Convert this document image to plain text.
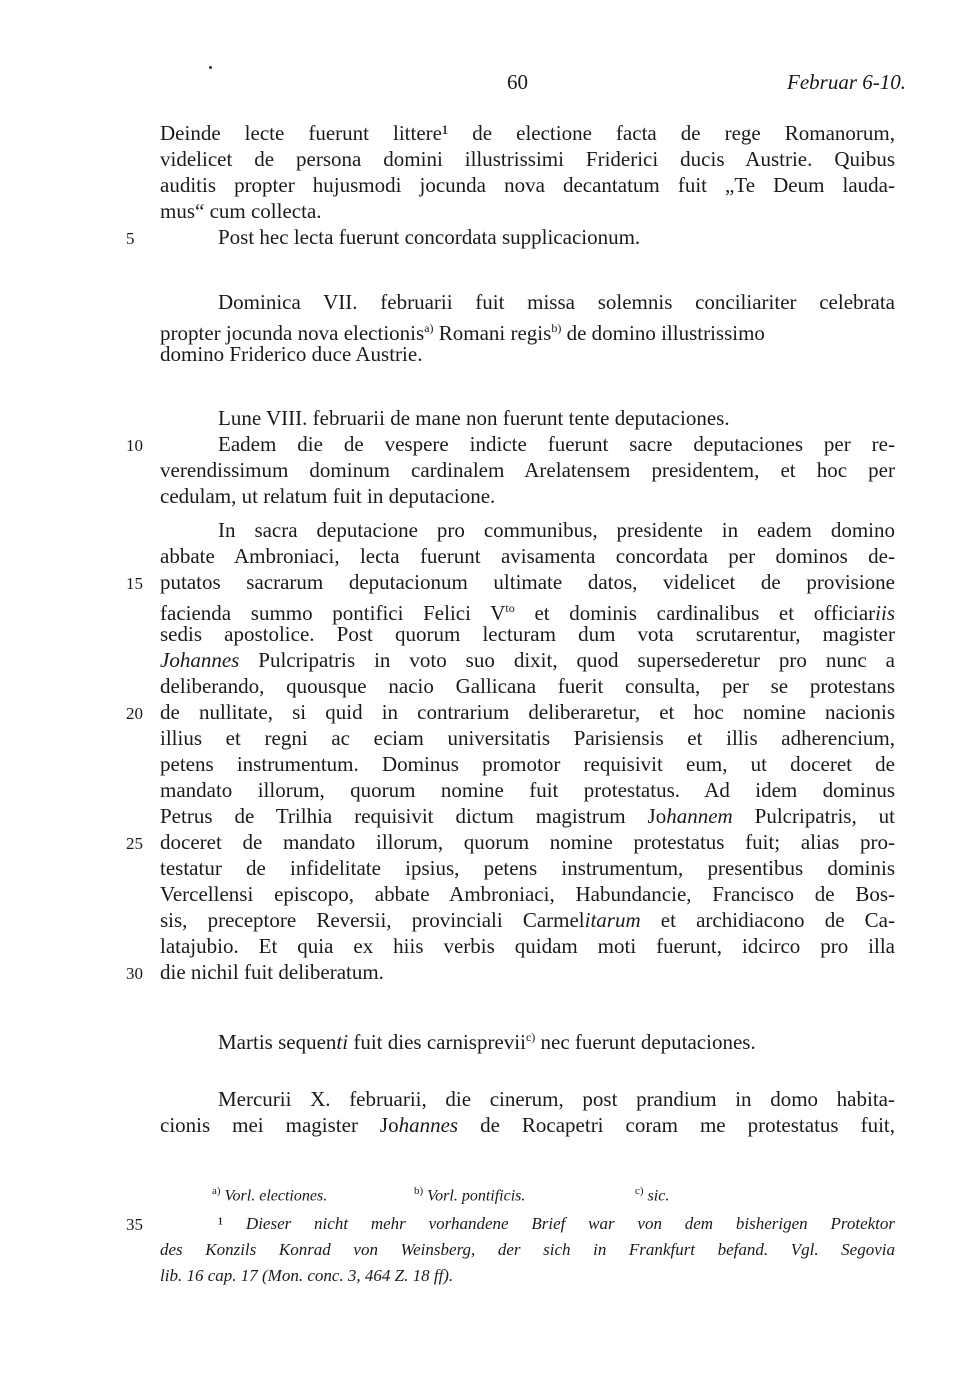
60	Februar 6-10.
Deinde lecte fuerunt littere¹ de electione facta de rege Romanorum,
videlicet de persona domini illustrissimi Friderici ducis Austrie. Quibus
auditis propter hujusmodi jocunda nova decantatum fuit „Te Deum lauda-
mus“ cum collecta.
5	Post hec lecta fuerunt concordata supplicacionum.
Dominica VII. februarii fuit missa solemnis conciliariter celebrata
propter jocunda nova electionis$^{a)}$ Romani regis$^{b)}$ de domino illustrissimo
domino Friderico duce Austrie.
Lune VIII. februarii de mane non fuerunt tente deputaciones.
10	Eadem die de vespere indicte fuerunt sacre deputaciones per re-
verendissimum dominum cardinalem Arelatensem presidentem, et hoc per
cedulam, ut relatum fuit in deputacione.
In sacra deputacione pro communibus, presidente in eadem domino
abbate Ambroniaci, lecta fuerunt avisamenta concordata per dominos de-
15 putatos sacrarum deputacionum ultimate datos, videlicet de provisione
facienda summo pontifici Felici $V^{to}$ et dominis cardinalibus et officiariis
sedis apostolice. Post quorum lecturam dum vota scrutarentur, magister
Johannes Pulcripatris in voto suo dixit, quod supersederetur pro nunc a
deliberando, quousque nacio Gallicana fuerit consulta, per se protestans
20 de nullitate, si quid in contrarium deliberaretur, et hoc nomine nacionis
illius et regni ac eciam universitatis Parisiensis et illis adherencium,
petens instrumentum. Dominus promotor requisivit eum, ut doceret de
mandato illorum, quorum nomine fuit protestatus. Ad idem dominus
Petrus de Trilhia requisivit dictum magistrum Johannem Pulcripatris, ut
25 doceret de mandato illorum, quorum nomine protestatus fuit; alias pro-
testatur de infidelitate ipsius, petens instrumentum, presentibus dominis
Vercellensi episcopo, abbate Ambroniaci, Habundancie, Francisco de Bos-
sis, preceptore Reversii, provinciali Carmelitarum et archidiacono de Ca-
latajubio. Et quia ex hiis verbis quidam moti fuerunt, idcirco pro illa
30 die nichil fuit deliberatum.
Martis sequenti fuit dies carnisprevii$^{c)}$ nec fuerunt deputaciones.
Mercurii X. februarii, die cinerum, post prandium in domo habita-
cionis mei magister Johannes de Rocapetri coram me protestatus fuit,
$^{a)}$ Vorl. electiones.	$^{b)}$ Vorl. pontificis.	$^{c)}$ sic.
35	¹ Dieser nicht mehr vorhandene Brief war von dem bisherigen Protektor
des Konzils Konrad von Weinsberg, der sich in Frankfurt befand. Vgl. Segovia
lib. 16 cap. 17 (Mon. conc. 3, 464 Z. 18 ff).
